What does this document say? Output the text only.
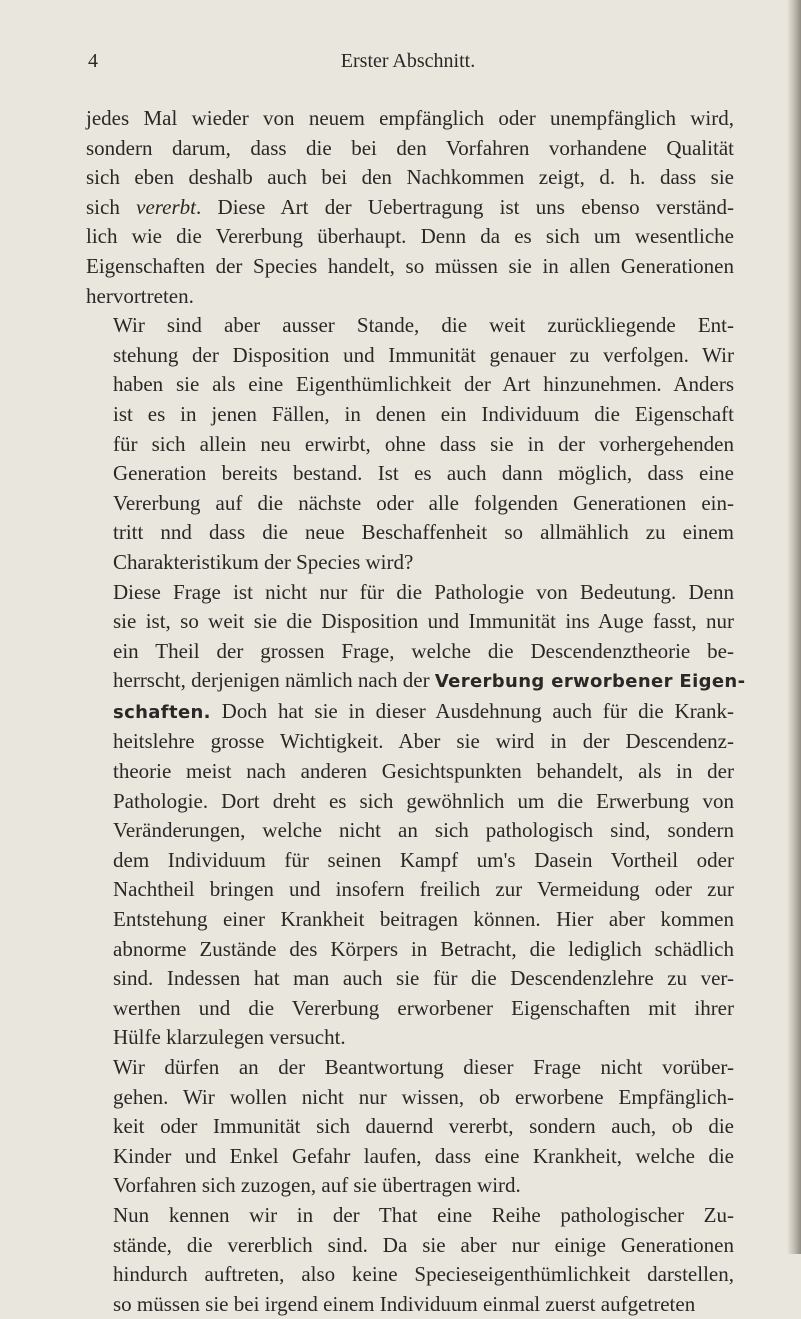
4	Erster Abschnitt.

jedes Mal wieder von neuem empfänglich oder unempfänglich wird,
sondern darum, dass die bei den Vorfahren vorhandene Qualität
sich eben deshalb auch bei den Nachkommen zeigt, d. h. dass sie
sich vererbt. Diese Art der Uebertragung ist uns ebenso verständ-
lich wie die Vererbung überhaupt. Denn da es sich um wesentliche
Eigenschaften der Species handelt, so müssen sie in allen Generationen
hervortreten.

Wir sind aber ausser Stande, die weit zurückliegende Ent-
stehung der Disposition und Immunität genauer zu verfolgen. Wir
haben sie als eine Eigenthümlichkeit der Art hinzunehmen. Anders
ist es in jenen Fällen, in denen ein Individuum die Eigenschaft
für sich allein neu erwirbt, ohne dass sie in der vorhergehenden
Generation bereits bestand. Ist es auch dann möglich, dass eine
Vererbung auf die nächste oder alle folgenden Generationen ein-
tritt nnd dass die neue Beschaffenheit so allmählich zu einem
Charakteristikum der Species wird?

Diese Frage ist nicht nur für die Pathologie von Bedeutung. Denn
sie ist, so weit sie die Disposition und Immunität ins Auge fasst, nur
ein Theil der grossen Frage, welche die Descendenztheorie be-
herrscht, derjenigen nämlich nach der Vererbung erworbener Eigen-
schaften. Doch hat sie in dieser Ausdehnung auch für die Krank-
heitslehre grosse Wichtigkeit. Aber sie wird in der Descendenz-
theorie meist nach anderen Gesichtspunkten behandelt, als in der
Pathologie. Dort dreht es sich gewöhnlich um die Erwerbung von
Veränderungen, welche nicht an sich pathologisch sind, sondern
dem Individuum für seinen Kampf um's Dasein Vortheil oder
Nachtheil bringen und insofern freilich zur Vermeidung oder zur
Entstehung einer Krankheit beitragen können. Hier aber kommen
abnorme Zustände des Körpers in Betracht, die lediglich schädlich
sind. Indessen hat man auch sie für die Descendenzlehre zu ver-
werthen und die Vererbung erworbener Eigenschaften mit ihrer
Hülfe klarzulegen versucht.

Wir dürfen an der Beantwortung dieser Frage nicht vorüber-
gehen. Wir wollen nicht nur wissen, ob erworbene Empfänglich-
keit oder Immunität sich dauernd vererbt, sondern auch, ob die
Kinder und Enkel Gefahr laufen, dass eine Krankheit, welche die
Vorfahren sich zuzogen, auf sie übertragen wird.

Nun kennen wir in der That eine Reihe pathologischer Zu-
stände, die vererblich sind. Da sie aber nur einige Generationen
hindurch auftreten, also keine Specieseigenthümlichkeit darstellen,
so müssen sie bei irgend einem Individuum einmal zuerst aufgetreten
